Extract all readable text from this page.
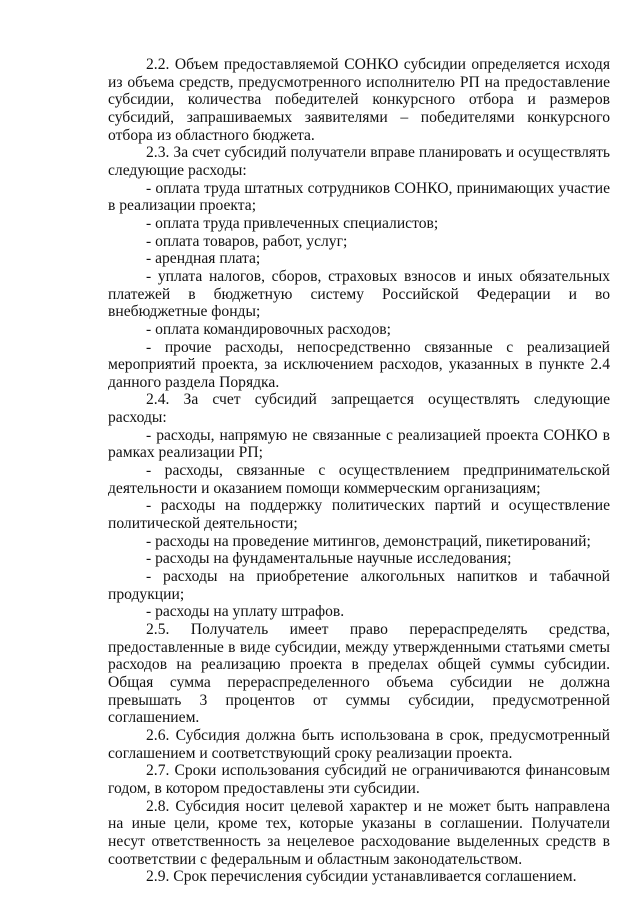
2.2. Объем предоставляемой СОНКО субсидии определяется исходя из объема средств, предусмотренного исполнителю РП на предоставление субсидии, количества победителей конкурсного отбора и размеров субсидий, запрашиваемых заявителями – победителями конкурсного отбора из областного бюджета.

2.3. За счет субсидий получатели вправе планировать и осуществлять следующие расходы:

- оплата труда штатных сотрудников СОНКО, принимающих участие в реализации проекта;

- оплата труда привлеченных специалистов;

- оплата товаров, работ, услуг;

- арендная плата;

- уплата налогов, сборов, страховых взносов и иных обязательных платежей в бюджетную систему Российской Федерации и во внебюджетные фонды;

- оплата командировочных расходов;

- прочие расходы, непосредственно связанные с реализацией мероприятий проекта, за исключением расходов, указанных в пункте 2.4 данного раздела Порядка.

2.4. За счет субсидий запрещается осуществлять следующие расходы:

- расходы, напрямую не связанные с реализацией проекта СОНКО в рамках реализации РП;

- расходы, связанные с осуществлением предпринимательской деятельности и оказанием помощи коммерческим организациям;

- расходы на поддержку политических партий и осуществление политической деятельности;

- расходы на проведение митингов, демонстраций, пикетирований;

- расходы на фундаментальные научные исследования;

- расходы на приобретение алкогольных напитков и табачной продукции;

- расходы на уплату штрафов.

2.5. Получатель имеет право перераспределять средства, предоставленные в виде субсидии, между утвержденными статьями сметы расходов на реализацию проекта в пределах общей суммы субсидии. Общая сумма перераспределенного объема субсидии не должна превышать 3 процентов от суммы субсидии, предусмотренной соглашением.

2.6. Субсидия должна быть использована в срок, предусмотренный соглашением и соответствующий сроку реализации проекта.

2.7. Сроки использования субсидий не ограничиваются финансовым годом, в котором предоставлены эти субсидии.

2.8. Субсидия носит целевой характер и не может быть направлена на иные цели, кроме тех, которые указаны в соглашении. Получатели несут ответственность за нецелевое расходование выделенных средств в соответствии с федеральным и областным законодательством.

2.9. Срок перечисления субсидии устанавливается соглашением.
